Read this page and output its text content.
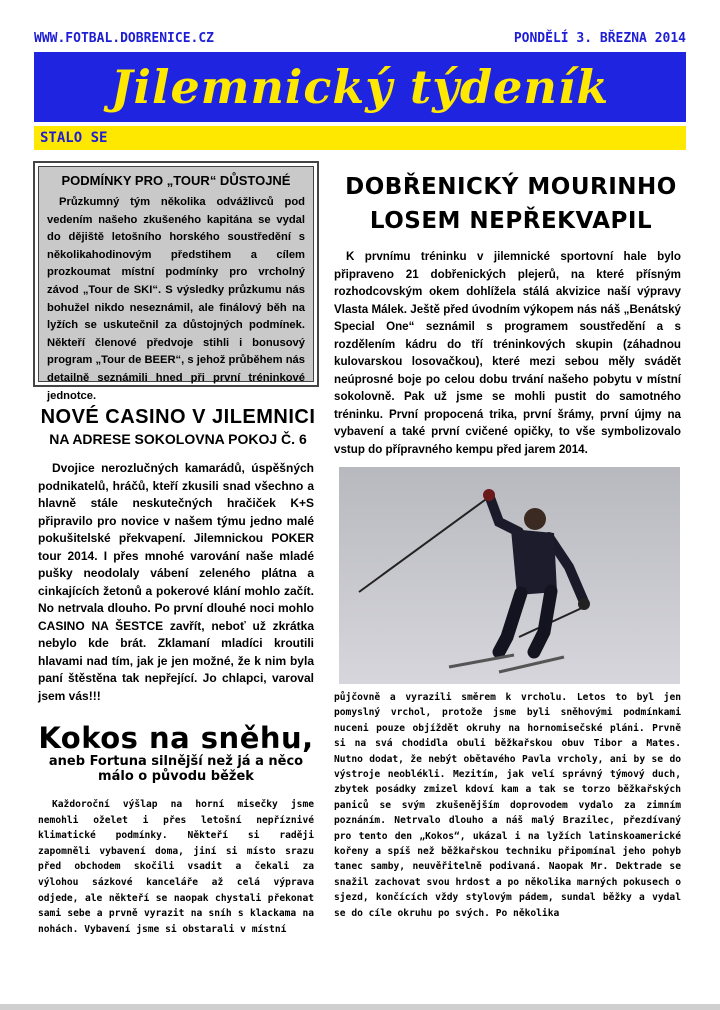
WWW.FOTBAL.DOBRENICE.CZ	PONDĚLÍ 3. BŘEZNA 2014
Jilemnický týdeník
STALO SE
PODMÍNKY PRO „TOUR“ DŮSTOJNÉ

Průzkumný tým několika odvážlivců pod vedením našeho zkušeného kapitána se vydal do dějiště letošního horského soustředění s několikahodinovým předstihem a cílem prozkoumat místní podmínky pro vrcholný závod „Tour de SKI“. S výsledky průzkumu nás bohužel nikdo neseznámil, ale finálový běh na lyžích se uskutečnil za důstojných podmínek. Někteří členové předvoje stihli i bonusový program „Tour de BEER“, s jehož průběhem nás detailně seznámili hned při první tréninkové jednotce.

NOVÉ CASINO V JILEMNICI
NA ADRESE SOKOLOVNA POKOJ Č. 6

Dvojice nerozlučných kamarádů, úspěšných podnikatelů, hráčů, kteří zkusili snad všechno a hlavně stále neskutečných hračiček K+S připravilo pro novice v našem týmu jedno malé pokušitelské překvapení. Jilemnickou POKER tour 2014. I přes mnohé varování naše mladé pušky neodolaly vábení zeleného plátna a cinkajících žetonů a pokerové klání mohlo začít. No netrvala dlouho. Po první dlouhé noci mohlo CASINO NA ŠESTCE zavřít, neboť už zkrátka nebylo kde brát. Zklamaní mladíci kroutili hlavami nad tím, jak je jen možné, že k nim byla paní štěstěna tak nepřející. Jo chlapci, varoval jsem vás!!!

Kokos na sněhu,
aneb Fortuna silnější než já a něco málo o původu běžek

Každoroční výšlap na horní misečky jsme nemohli oželet i přes letošní nepříznivé klimatické podmínky. Někteří si raději zapomněli vybavení doma, jiní si místo srazu před obchodem skočili vsadit a čekali za výlohou sázkové kanceláře až celá výprava odjede, ale někteří se naopak chystali překonat sami sebe a prvně vyrazit na sníh s klackama na nohách. Vybavení jsme si obstarali v místní

DOBŘENICKÝ MOURINHO LOSEM NEPŘEKVAPIL

K prvnímu tréninku v jilemnické sportovní hale bylo připraveno 21 dobřenických plejerů, na které přísným rozhodcovským okem dohlížela stálá akvizice naší výpravy Vlasta Málek. Ještě před úvodním výkopem nás náš „Benátský Special One“ seznámil s programem soustředění a s rozdělením kádru do tří tréninkových skupin (záhadnou kulovarskou losovačkou), které mezi sebou měly svádět neúprosné boje po celou dobu trvání našeho pobytu v místní sokolovně. Pak už jsme se mohli pustit do samotného tréninku. První propocená trika, první šrámy, první újmy na vybavení a také první cvičené opičky, to vše symbolizovalo vstup do přípravného kempu před jarem 2014.

půjčovně a vyrazili směrem k vrcholu. Letos to byl jen pomyslný vrchol, protože jsme byli sněhovými podmínkami nuceni pouze objíždět okruhy na hornomisečské pláni. Prvně si na svá chodidla obuli běžkařskou obuv Tibor a Mates. Nutno dodat, že nebýt obětavého Pavla vrcholy, ani by se do výstroje neoblékli. Mezitím, jak velí správný týmový duch, zbytek posádky zmizel kdoví kam a tak se torzo běžkařských paniců se svým zkušenějším doprovodem vydalo za zimním poznáním. Netrvalo dlouho a náš malý Brazilec, přezdívaný pro tento den „Kokos“, ukázal i na lyžích latinskoamerické kořeny a spíš než běžkařskou techniku připomínal jeho pohyb tanec samby, neuvěřitelně podivaná. Naopak Mr. Dektrade se snažil zachovat svou hrdost a po několika marných pokusech o sjezd, končících vždy stylovým pádem, sundal běžky a vydal se do cíle okruhu po svých. Po několika
